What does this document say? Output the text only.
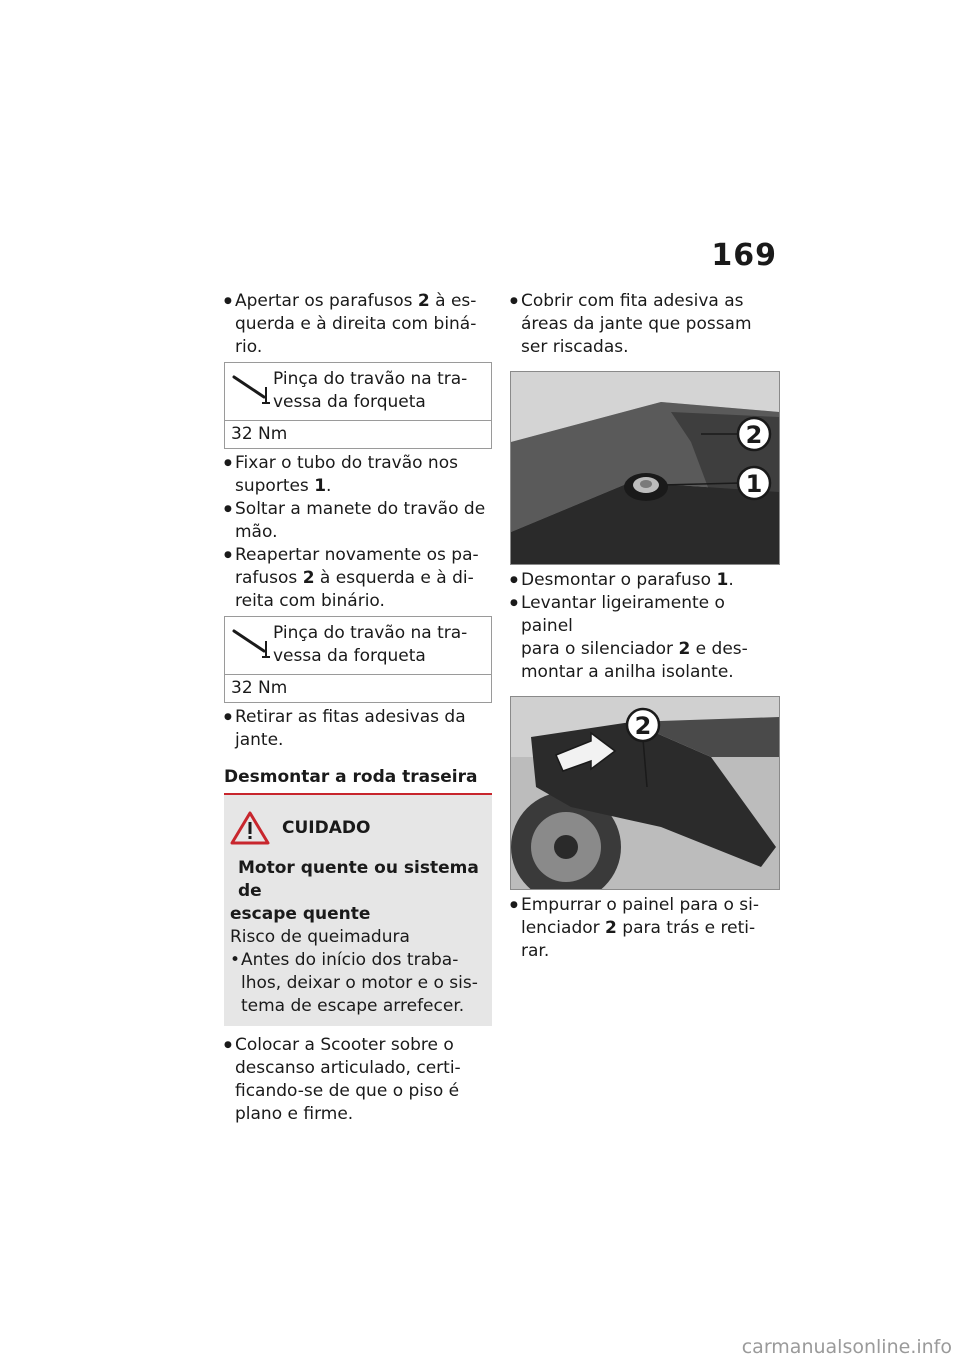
169
● Apertar os parafusos 2 à es-
querda e à direita com biná-
rio.
Pinça do travão na tra-
vessa da forqueta
32 Nm
● Fixar o tubo do travão nos
suportes 1.
● Soltar a manete do travão de
mão.
● Reapertar novamente os pa-
rafusos 2 à esquerda e à di-
reita com binário.
Pinça do travão na tra-
vessa da forqueta
32 Nm
● Retirar as fitas adesivas da
jante.
Desmontar a roda traseira
CUIDADO
Motor quente ou sistema de
escape quente
Risco de queimadura
• Antes do início dos traba-
lhos, deixar o motor e o sis-
tema de escape arrefecer.
● Colocar a Scooter sobre o
descanso articulado, certi-
ficando-se de que o piso é
plano e firme.
● Cobrir com fita adesiva as
áreas da jante que possam
ser riscadas.
2
1
● Desmontar o parafuso 1.
● Levantar ligeiramente o painel
para o silenciador 2 e des-
montar a anilha isolante.
2
● Empurrar o painel para o si-
lenciador 2 para trás e reti-
rar.
carmanualsonline.info
